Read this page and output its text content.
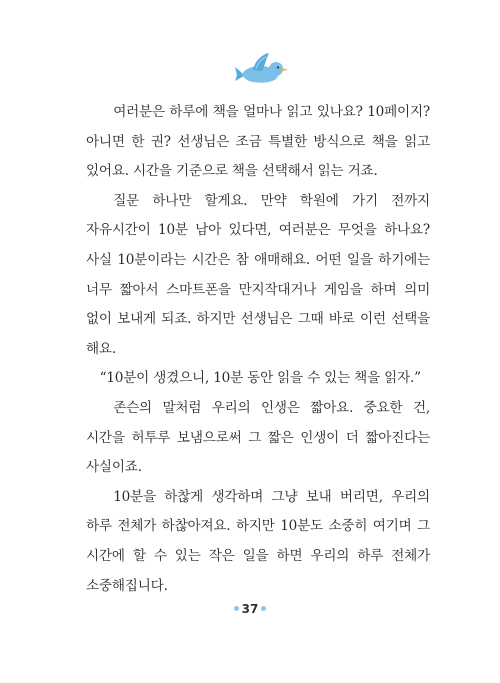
여러분은 하루에 책을 얼마나 읽고 있나요? 10페이지? 아니면 한 권? 선생님은 조금 특별한 방식으로 책을 읽고 있어요. 시간을 기준으로 책을 선택해서 읽는 거죠.

질문 하나만 할게요. 만약 학원에 가기 전까지 자유시간이 10분 남아 있다면, 여러분은 무엇을 하나요? 사실 10분이라는 시간은 참 애매해요. 어떤 일을 하기에는 너무 짧아서 스마트폰을 만지작대거나 게임을 하며 의미 없이 보내게 되죠. 하지만 선생님은 그때 바로 이런 선택을 해요.

“10분이 생겼으니, 10분 동안 읽을 수 있는 책을 읽자.”

존슨의 말처럼 우리의 인생은 짧아요. 중요한 건, 시간을 허투루 보냄으로써 그 짧은 인생이 더 짧아진다는 사실이죠.

10분을 하찮게 생각하며 그냥 보내 버리면, 우리의 하루 전체가 하찮아져요. 하지만 10분도 소중히 여기며 그 시간에 할 수 있는 작은 일을 하면 우리의 하루 전체가 소중해집니다.

37
